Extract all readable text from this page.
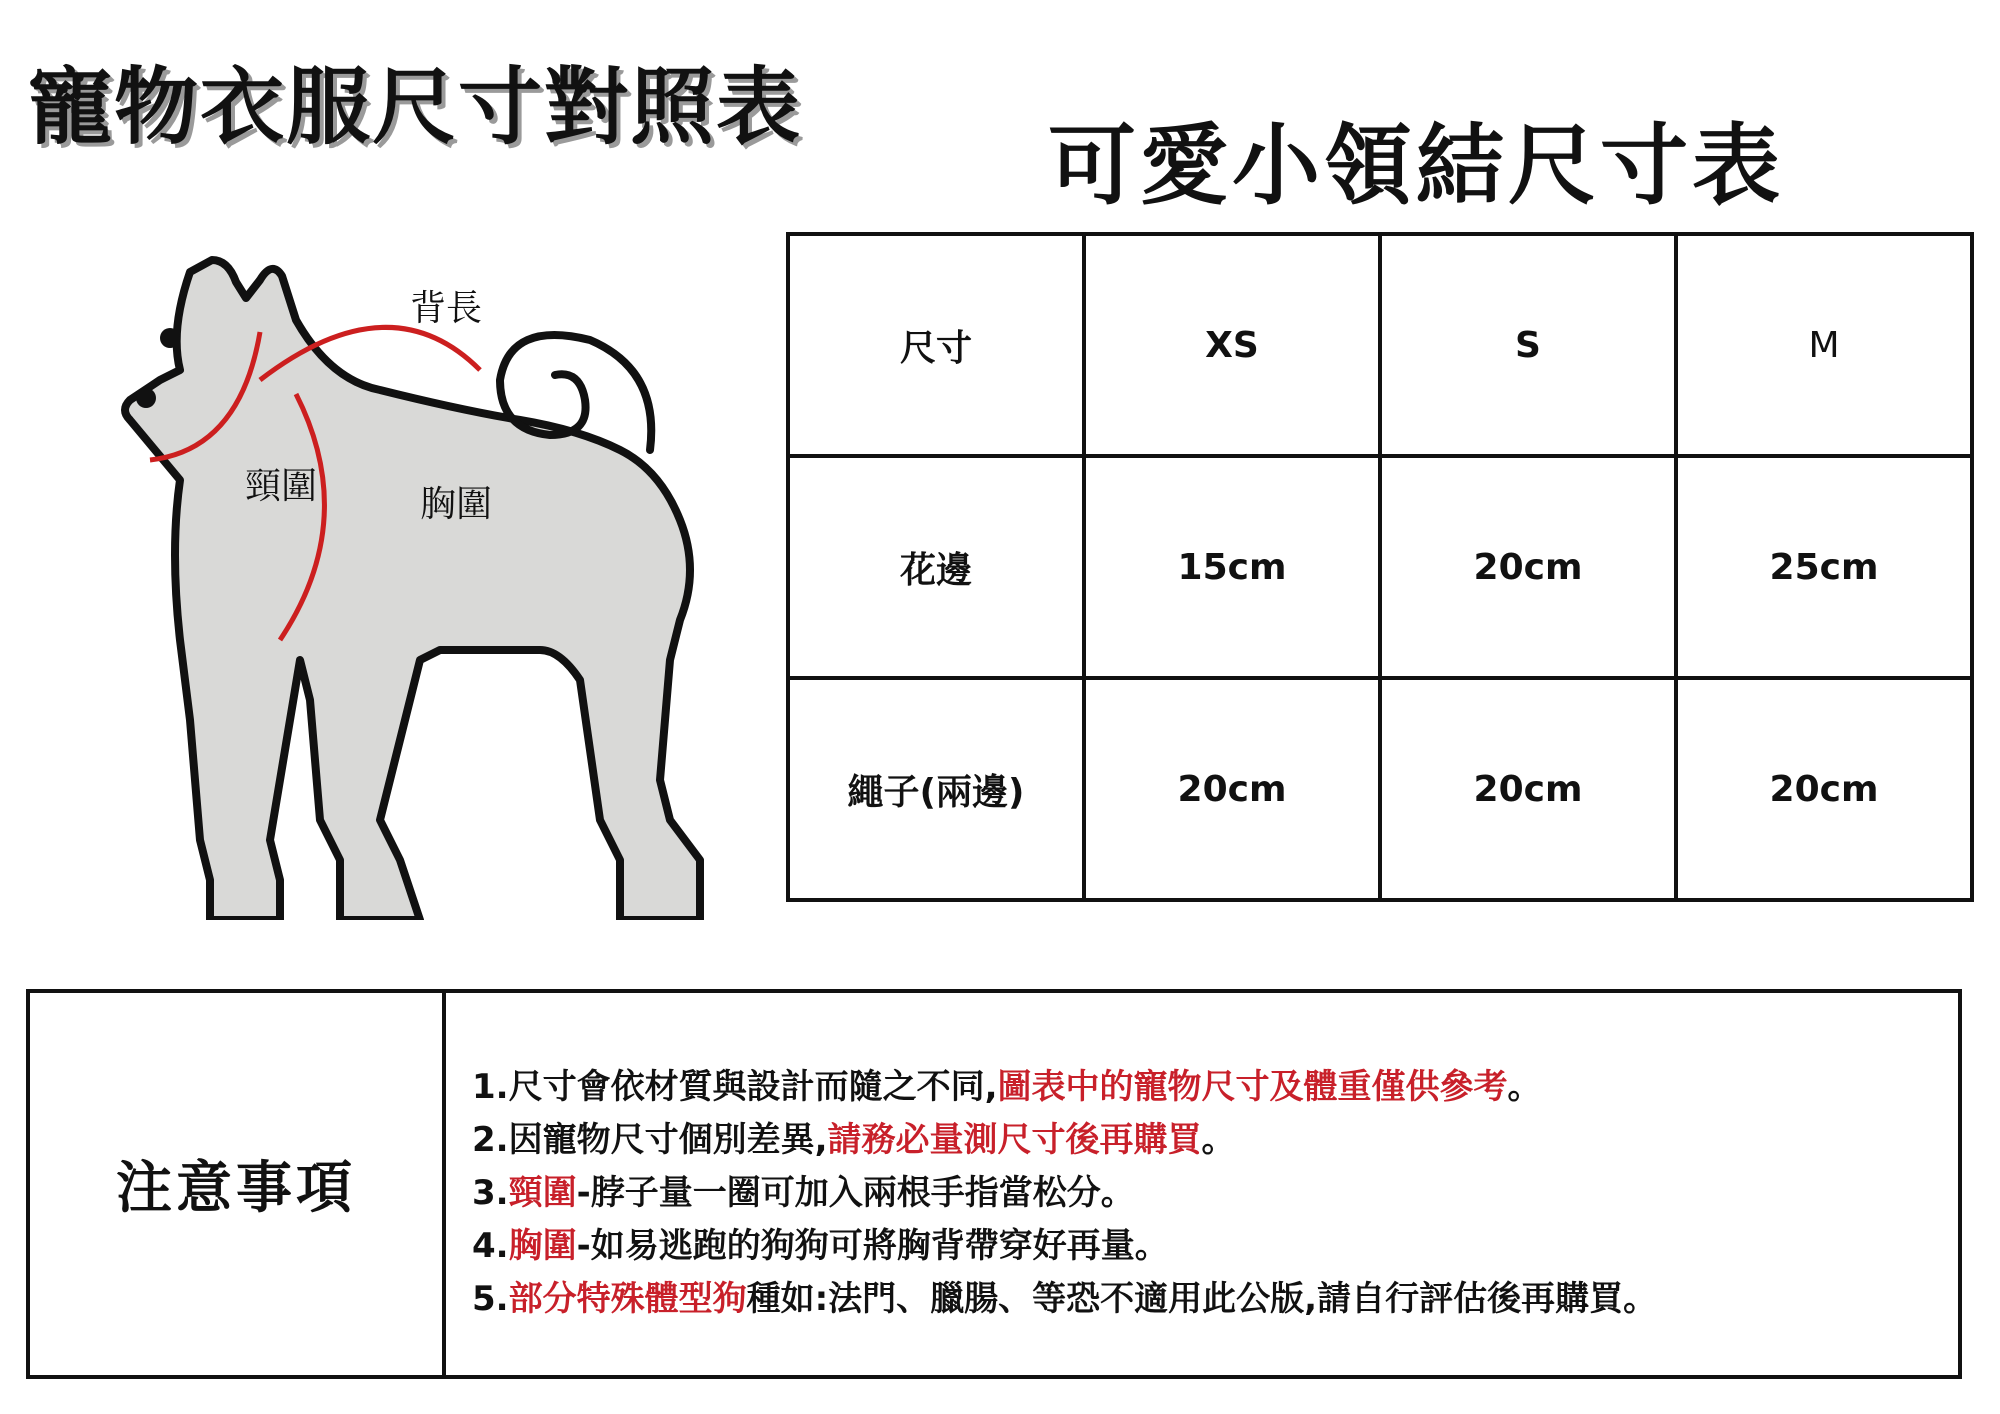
寵物衣服尺寸對照表
可愛小領結尺寸表
背長
頸圍	胸圍
尺寸	XS	S	M
花邊	15cm	20cm	25cm
繩子(兩邊)	20cm	20cm	20cm
注意事項
1.尺寸會依材質與設計而隨之不同,圖表中的寵物尺寸及體重僅供參考。
2.因寵物尺寸個別差異,請務必量測尺寸後再購買。
3.頸圍-脖子量一圈可加入兩根手指當松分。
4.胸圍-如易逃跑的狗狗可將胸背帶穿好再量。
5.部分特殊體型狗種如:法門、臘腸、等恐不適用此公版,請自行評估後再購買。
